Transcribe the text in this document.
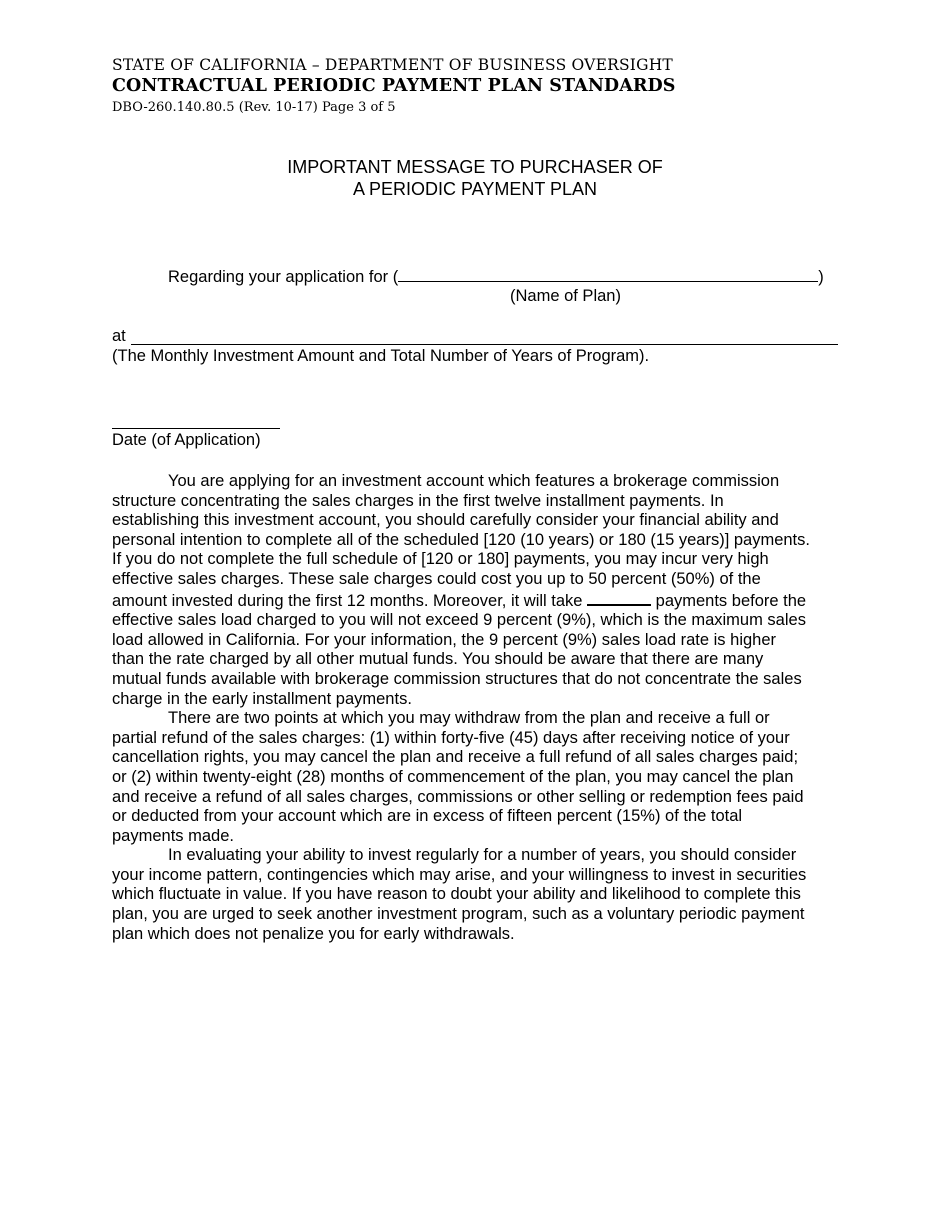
STATE OF CALIFORNIA – DEPARTMENT OF BUSINESS OVERSIGHT
CONTRACTUAL PERIODIC PAYMENT PLAN STANDARDS
DBO-260.140.80.5 (Rev. 10-17) Page 3 of 5
IMPORTANT MESSAGE TO PURCHASER OF
A PERIODIC PAYMENT PLAN
Regarding your application for (	)
(Name of Plan)
at
(The Monthly Investment Amount and Total Number of Years of Program).
Date (of Application)

You are applying for an investment account which features a brokerage commission
structure concentrating the sales charges in the first twelve installment payments. In
establishing this investment account, you should carefully consider your financial ability and
personal intention to complete all of the scheduled [120 (10 years) or 180 (15 years)] payments.
If you do not complete the full schedule of [120 or 180] payments, you may incur very high
effective sales charges. These sale charges could cost you up to 50 percent (50%) of the
amount invested during the first 12 months. Moreover, it will take	payments before the
effective sales load charged to you will not exceed 9 percent (9%), which is the maximum sales
load allowed in California. For your information, the 9 percent (9%) sales load rate is higher
than the rate charged by all other mutual funds. You should be aware that there are many
mutual funds available with brokerage commission structures that do not concentrate the sales
charge in the early installment payments.

There are two points at which you may withdraw from the plan and receive a full or
partial refund of the sales charges: (1) within forty-five (45) days after receiving notice of your
cancellation rights, you may cancel the plan and receive a full refund of all sales charges paid;
or (2) within twenty-eight (28) months of commencement of the plan, you may cancel the plan
and receive a refund of all sales charges, commissions or other selling or redemption fees paid
or deducted from your account which are in excess of fifteen percent (15%) of the total
payments made.

In evaluating your ability to invest regularly for a number of years, you should consider
your income pattern, contingencies which may arise, and your willingness to invest in securities
which fluctuate in value. If you have reason to doubt your ability and likelihood to complete this
plan, you are urged to seek another investment program, such as a voluntary periodic payment
plan which does not penalize you for early withdrawals.
